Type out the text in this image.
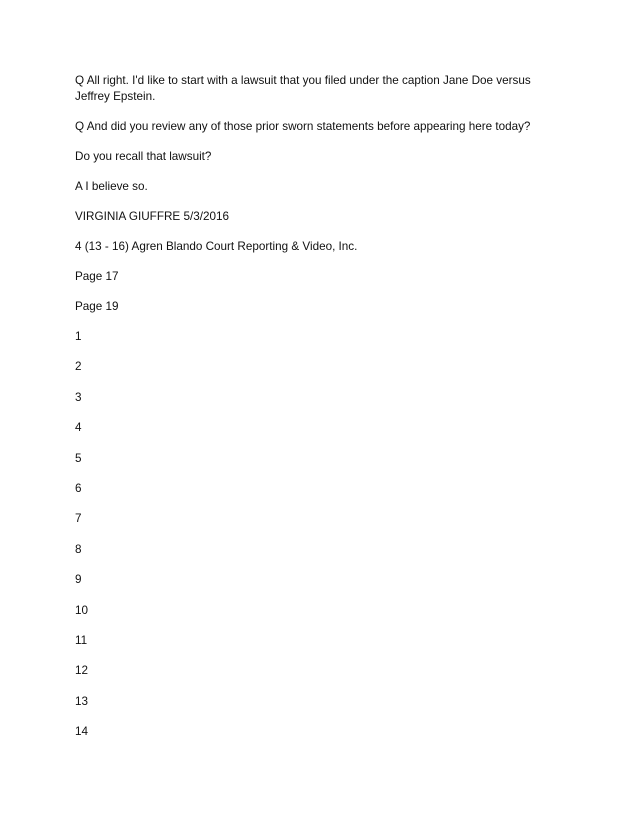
Q All right. I'd like to start with a lawsuit that you filed under the caption Jane Doe versus Jeffrey Epstein.

Q And did you review any of those prior sworn statements before appearing here today?

Do you recall that lawsuit?

A I believe so.

VIRGINIA GIUFFRE 5/3/2016

4 (13 - 16) Agren Blando Court Reporting & Video, Inc.

Page 17

Page 19

1

2

3

4

5

6

7

8

9

10

11

12

13

14
